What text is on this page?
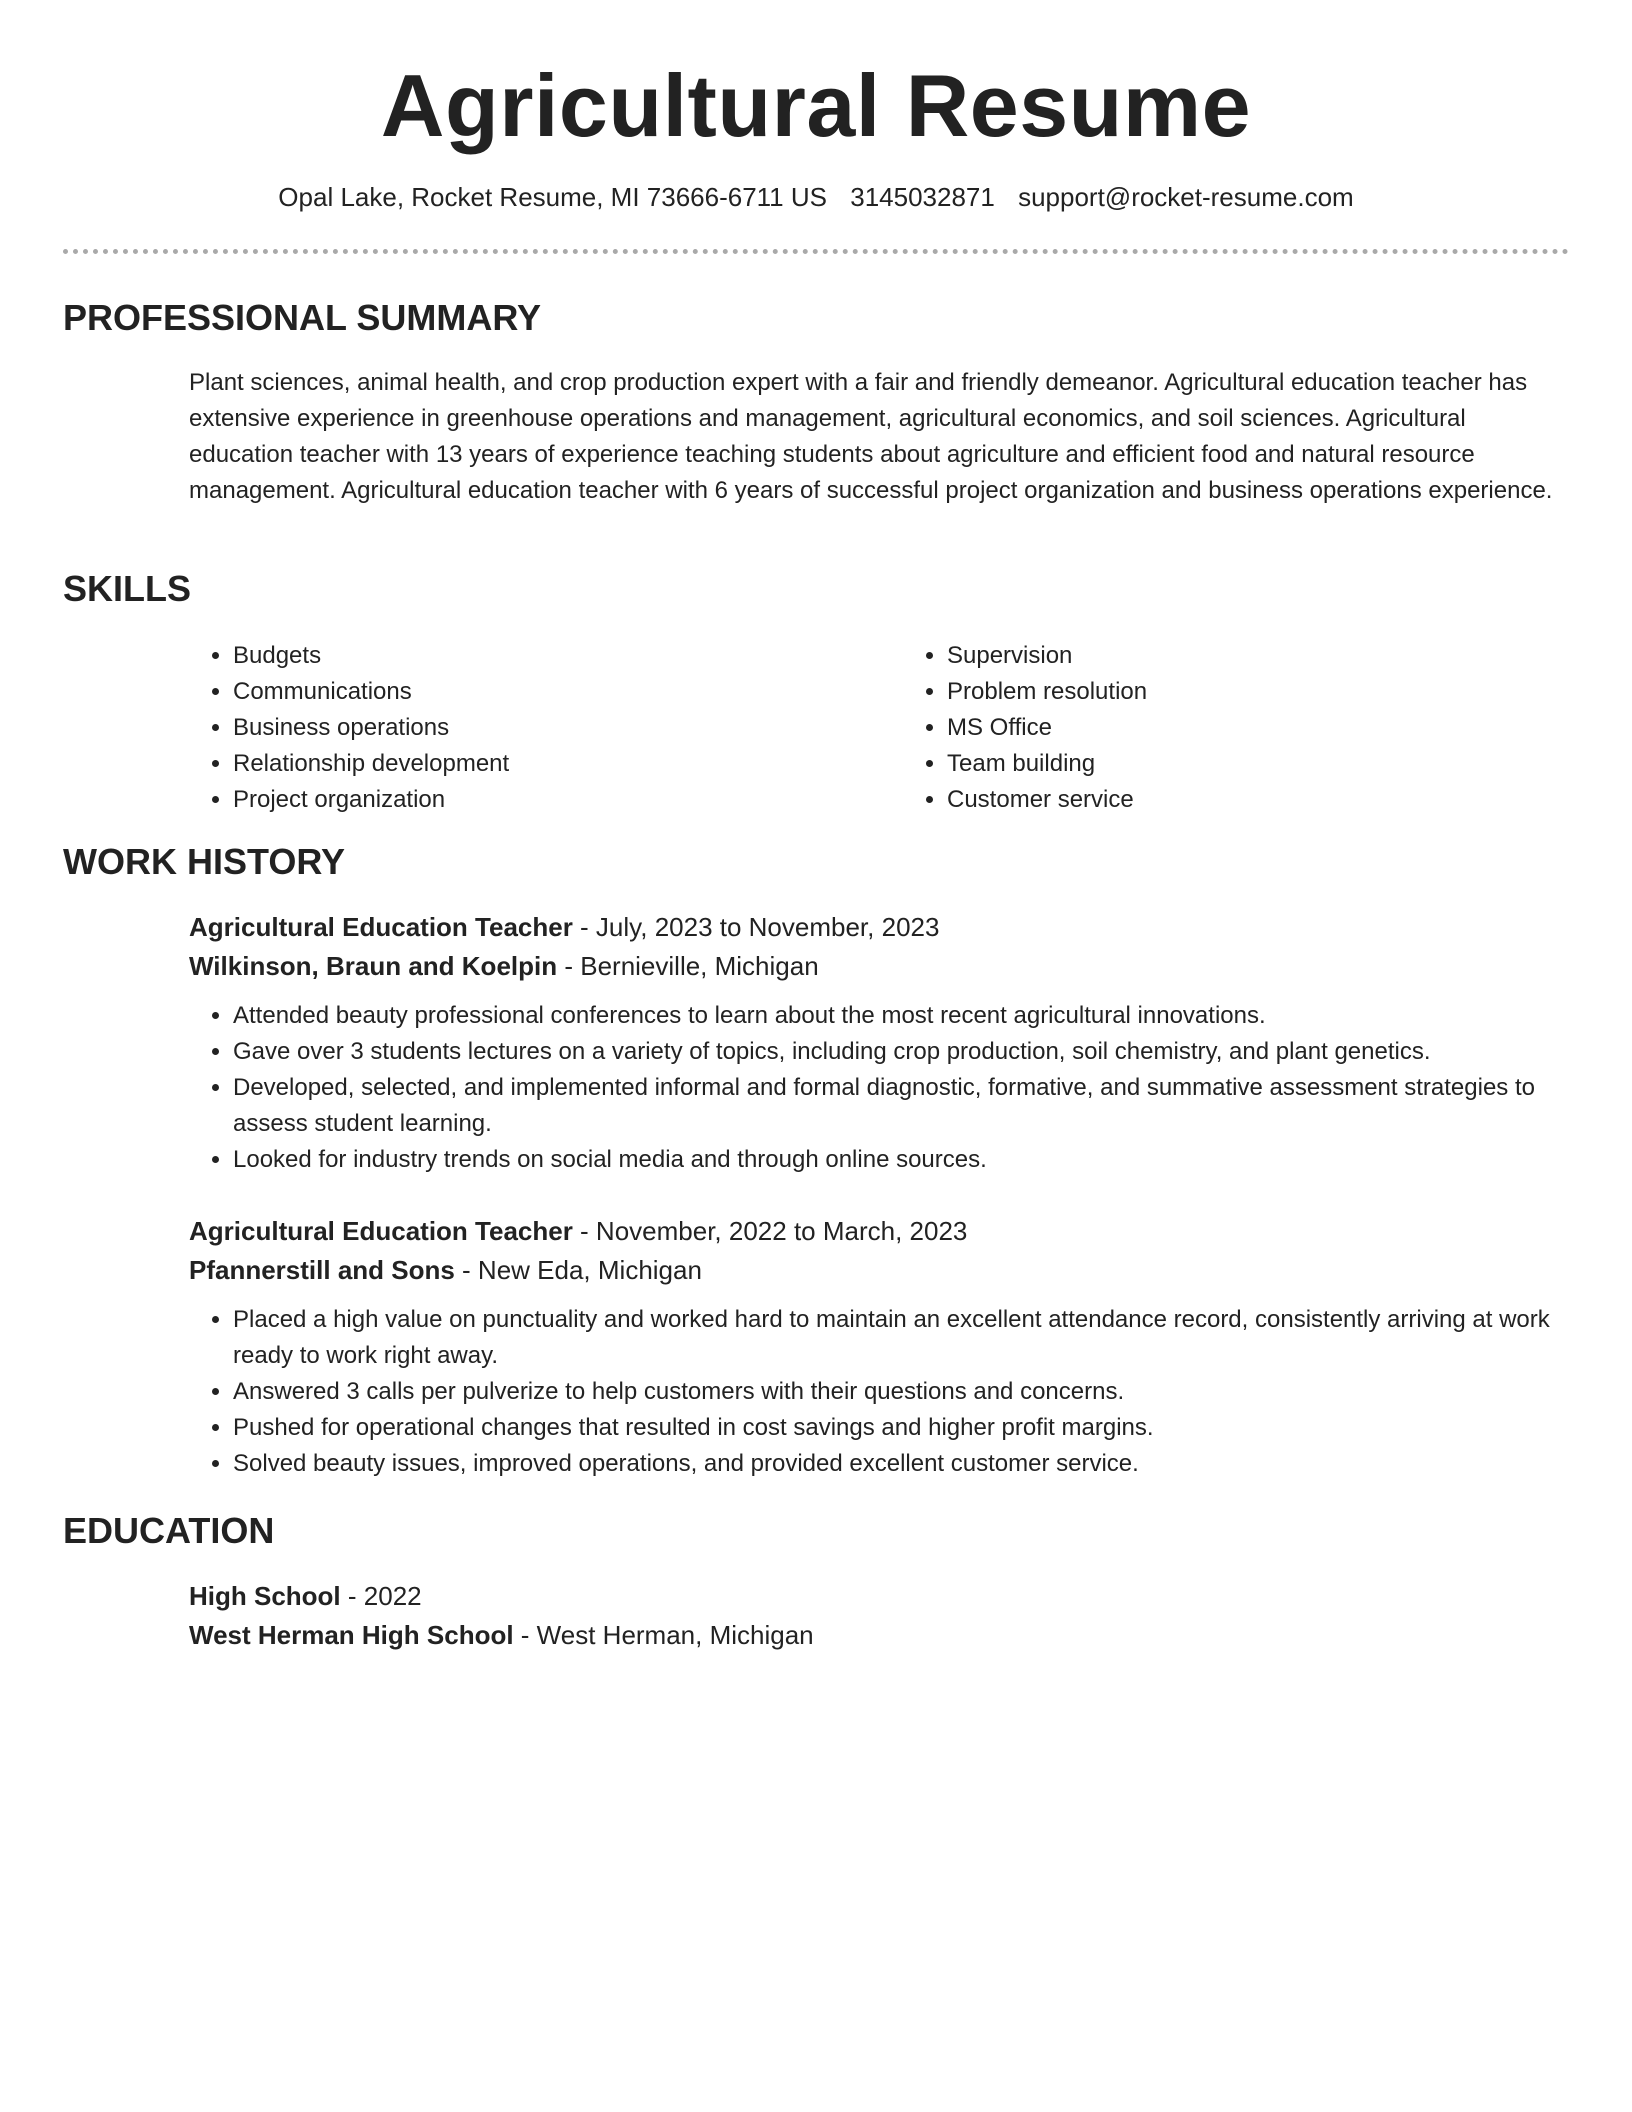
Agricultural Resume
Opal Lake, Rocket Resume, MI 73666-6711 US 3145032871 support@rocket-resume.com
PROFESSIONAL SUMMARY
Plant sciences, animal health, and crop production expert with a fair and friendly demeanor. Agricultural education teacher has extensive experience in greenhouse operations and management, agricultural economics, and soil sciences. Agricultural education teacher with 13 years of experience teaching students about agriculture and efficient food and natural resource management. Agricultural education teacher with 6 years of successful project organization and business operations experience.
SKILLS
• Budgets
• Communications
• Business operations
• Relationship development
• Project organization
• Supervision
• Problem resolution
• MS Office
• Team building
• Customer service
WORK HISTORY

Agricultural Education Teacher - July, 2023 to November, 2023

Wilkinson, Braun and Koelpin - Bernieville, Michigan

• Attended beauty professional conferences to learn about the most recent agricultural innovations.
• Gave over 3 students lectures on a variety of topics, including crop production, soil chemistry, and plant genetics.
• Developed, selected, and implemented informal and formal diagnostic, formative, and summative assessment strategies to assess student learning.
• Looked for industry trends on social media and through online sources.

Agricultural Education Teacher - November, 2022 to March, 2023

Pfannerstill and Sons - New Eda, Michigan

• Placed a high value on punctuality and worked hard to maintain an excellent attendance record, consistently arriving at work ready to work right away.
• Answered 3 calls per pulverize to help customers with their questions and concerns.
• Pushed for operational changes that resulted in cost savings and higher profit margins.
• Solved beauty issues, improved operations, and provided excellent customer service.
EDUCATION

High School - 2022

West Herman High School - West Herman, Michigan
